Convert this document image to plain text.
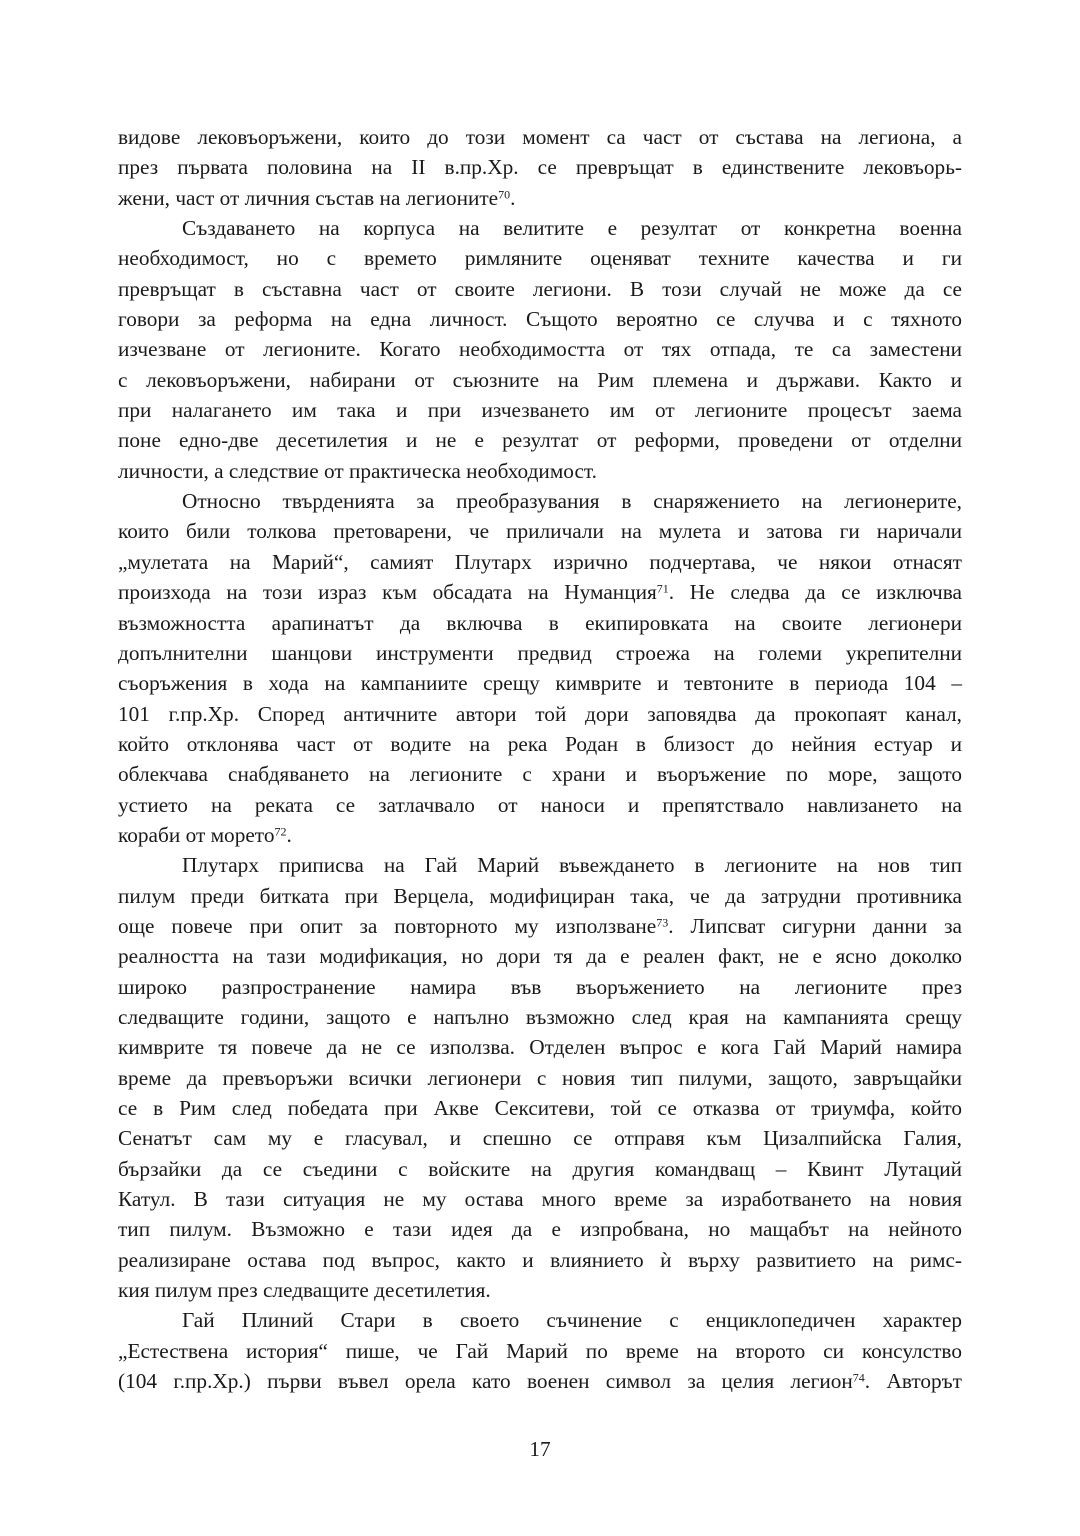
видове лековъоръжени, които до този момент са част от състава на легиона, а
през първата половина на II в.пр.Хр. се превръщат в единствените лековъорь-
жени, част от личния състав на легионите$^{70}$.
Създаването на корпуса на велитите е резултат от конкретна военна
необходимост, но с времето римляните оценяват техните качества и ги
превръщат в съставна част от своите легиони. В този случай не може да се
говори за реформа на една личност. Същото вероятно се случва и с тяхното
изчезване от легионите. Когато необходимостта от тях отпада, те са заместени
с лековъоръжени, набирани от съюзните на Рим племена и държави. Както и
при налагането им така и при изчезването им от легионите процесът заема
поне едно-две десетилетия и не е резултат от реформи, проведени от отделни
личности, а следствие от практическа необходимост.
Относно твърденията за преобразувания в снаряжението на легионерите,
които били толкова претоварени, че приличали на мулета и затова ги наричали
„мулетата на Марий“, самият Плутарх изрично подчертава, че някои отнасят
произхода на този израз към обсадата на Нуманция$^{71}$. Не следва да се изключва
възможността арапинатът да включва в екипировката на своите легионери
допълнителни шанцови инструменти предвид строежа на големи укрепителни
съоръжения в хода на кампаниите срещу кимврите и тевтоните в периода 104 –
101 г.пр.Хр. Според античните автори той дори заповядва да прокопаят канал,
който отклонява част от водите на река Родан в близост до нейния естуар и
облекчава снабдяването на легионите с храни и въоръжение по море, защото
устието на реката се затлачвало от наноси и препятствало навлизането на
кораби от морето$^{72}$.
Плутарх приписва на Гай Марий въвеждането в легионите на нов тип
пилум преди битката при Верцела, модифициран така, че да затрудни противника
още повече при опит за повторното му използване$^{73}$. Липсват сигурни данни за
реалността на тази модификация, но дори тя да е реален факт, не е ясно доколко
широко разпространение намира във въоръжението на легионите през
следващите години, защото е напълно възможно след края на кампанията срещу
кимврите тя повече да не се използва. Отделен въпрос е кога Гай Марий намира
време да превъоръжи всички легионери с новия тип пилуми, защото, завръщайки
се в Рим след победата при Акве Секситеви, той се отказва от триумфа, който
Сенатът сам му е гласувал, и спешно се отправя към Цизалпийска Галия,
бързайки да се съедини с войските на другия командващ – Квинт Лутаций
Катул. В тази ситуация не му остава много време за изработването на новия
тип пилум. Възможно е тази идея да е изпробвана, но мащабът на нейното
реализиране остава под въпрос, както и влиянието ѝ върху развитието на римс-
кия пилум през следващите десетилетия.
Гай Плиний Стари в своето съчинение с енциклопедичен характер
„Естествена история“ пише, че Гай Марий по време на второто си консулство
(104 г.пр.Хр.) първи въвел орела като военен символ за целия легион$^{74}$. Авторът
17
